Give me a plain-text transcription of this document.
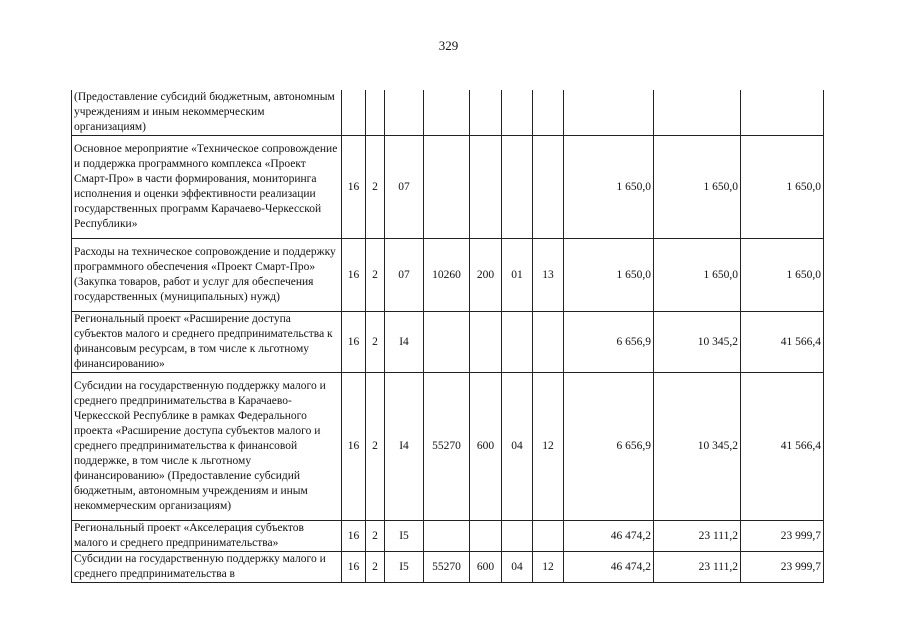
329
(Предоставление субсидий бюджетным, автономным учреждениям и иным некоммерческим организациям)										
Основное мероприятие «Техническое сопровождение и поддержка программного комплекса «Проект Смарт-Про» в части формирования, мониторинга исполнения и оценки эффективности реализации государственных программ Карачаево-Черкесской Республики»	16	2	07					1 650,0	1 650,0	1 650,0
Расходы на техническое сопровождение и поддержку программного обеспечения «Проект Смарт-Про» (Закупка товаров, работ и услуг для обеспечения государственных (муниципальных) нужд)	16	2	07	10260	200	01	13	1 650,0	1 650,0	1 650,0
Региональный проект «Расширение доступа субъектов малого и среднего предпринимательства к финансовым ресурсам, в том числе к льготному финансированию»	16	2	I4					6 656,9	10 345,2	41 566,4
Субсидии на государственную поддержку малого и среднего предпринимательства в Карачаево-Черкесской Республике в рамках Федерального проекта «Расширение доступа субъектов малого и среднего предпринимательства к финансовой поддержке, в том числе к льготному финансированию» (Предоставление субсидий бюджетным, автономным учреждениям и иным некоммерческим организациям)	16	2	I4	55270	600	04	12	6 656,9	10 345,2	41 566,4
Региональный проект «Акселерация субъектов малого и среднего предпринимательства»	16	2	I5					46 474,2	23 111,2	23 999,7
Субсидии на государственную поддержку малого и среднего предпринимательства в	16	2	I5	55270	600	04	12	46 474,2	23 111,2	23 999,7
